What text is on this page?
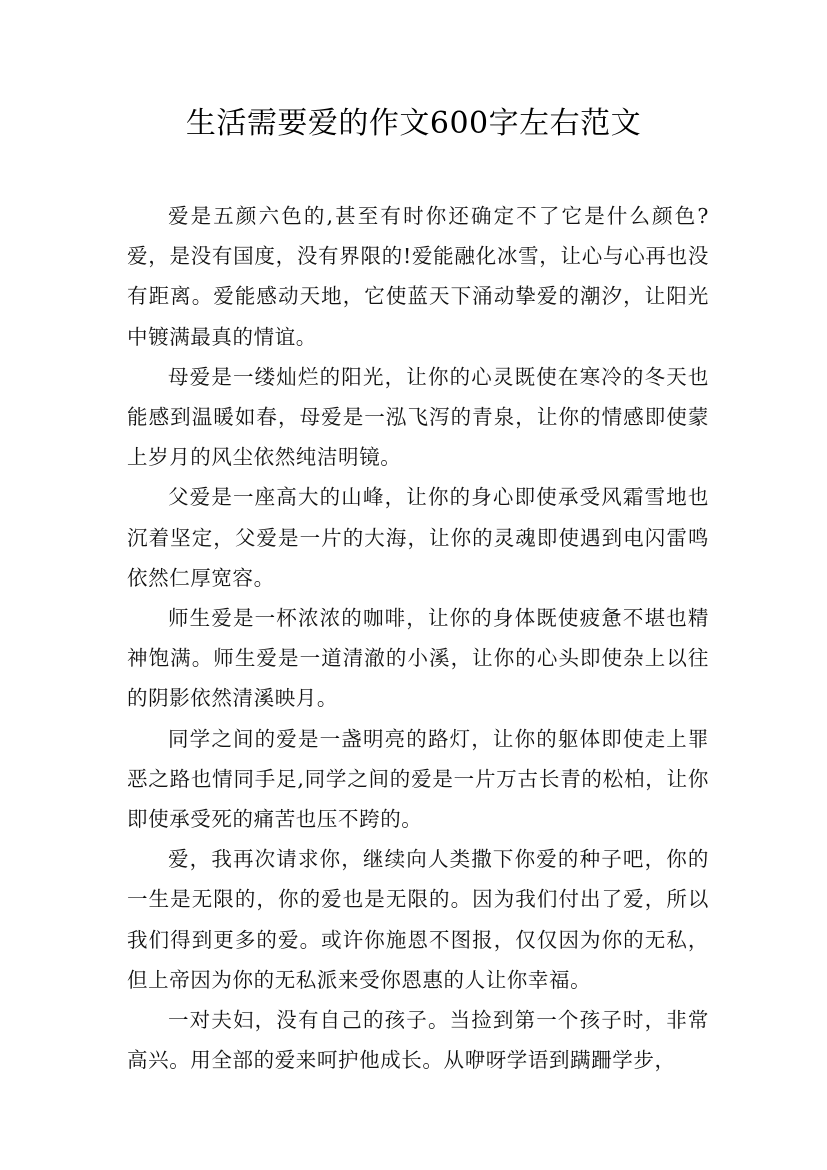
生活需要爱的作文600字左右范文

爱是五颜六色的,甚至有时你还确定不了它是什么颜色?爱，是没有国度，没有界限的!爱能融化冰雪，让心与心再也没有距离。爱能感动天地，它使蓝天下涌动挚爱的潮汐，让阳光中镀满最真的情谊。

母爱是一缕灿烂的阳光，让你的心灵既使在寒冷的冬天也能感到温暖如春，母爱是一泓飞泻的青泉，让你的情感即使蒙上岁月的风尘依然纯洁明镜。

父爱是一座高大的山峰，让你的身心即使承受风霜雪地也沉着坚定，父爱是一片的大海，让你的灵魂即使遇到电闪雷鸣依然仁厚宽容。

师生爱是一杯浓浓的咖啡，让你的身体既使疲惫不堪也精神饱满。师生爱是一道清澈的小溪，让你的心头即使杂上以往的阴影依然清溪映月。

同学之间的爱是一盏明亮的路灯，让你的躯体即使走上罪恶之路也情同手足,同学之间的爱是一片万古长青的松柏，让你即使承受死的痛苦也压不跨的。

爱，我再次请求你，继续向人类撒下你爱的种子吧，你的一生是无限的，你的爱也是无限的。因为我们付出了爱，所以我们得到更多的爱。或许你施恩不图报，仅仅因为你的无私，但上帝因为你的无私派来受你恩惠的人让你幸福。

一对夫妇，没有自己的孩子。当捡到第一个孩子时，非常高兴。用全部的爱来呵护他成长。从咿呀学语到蹒跚学步，
